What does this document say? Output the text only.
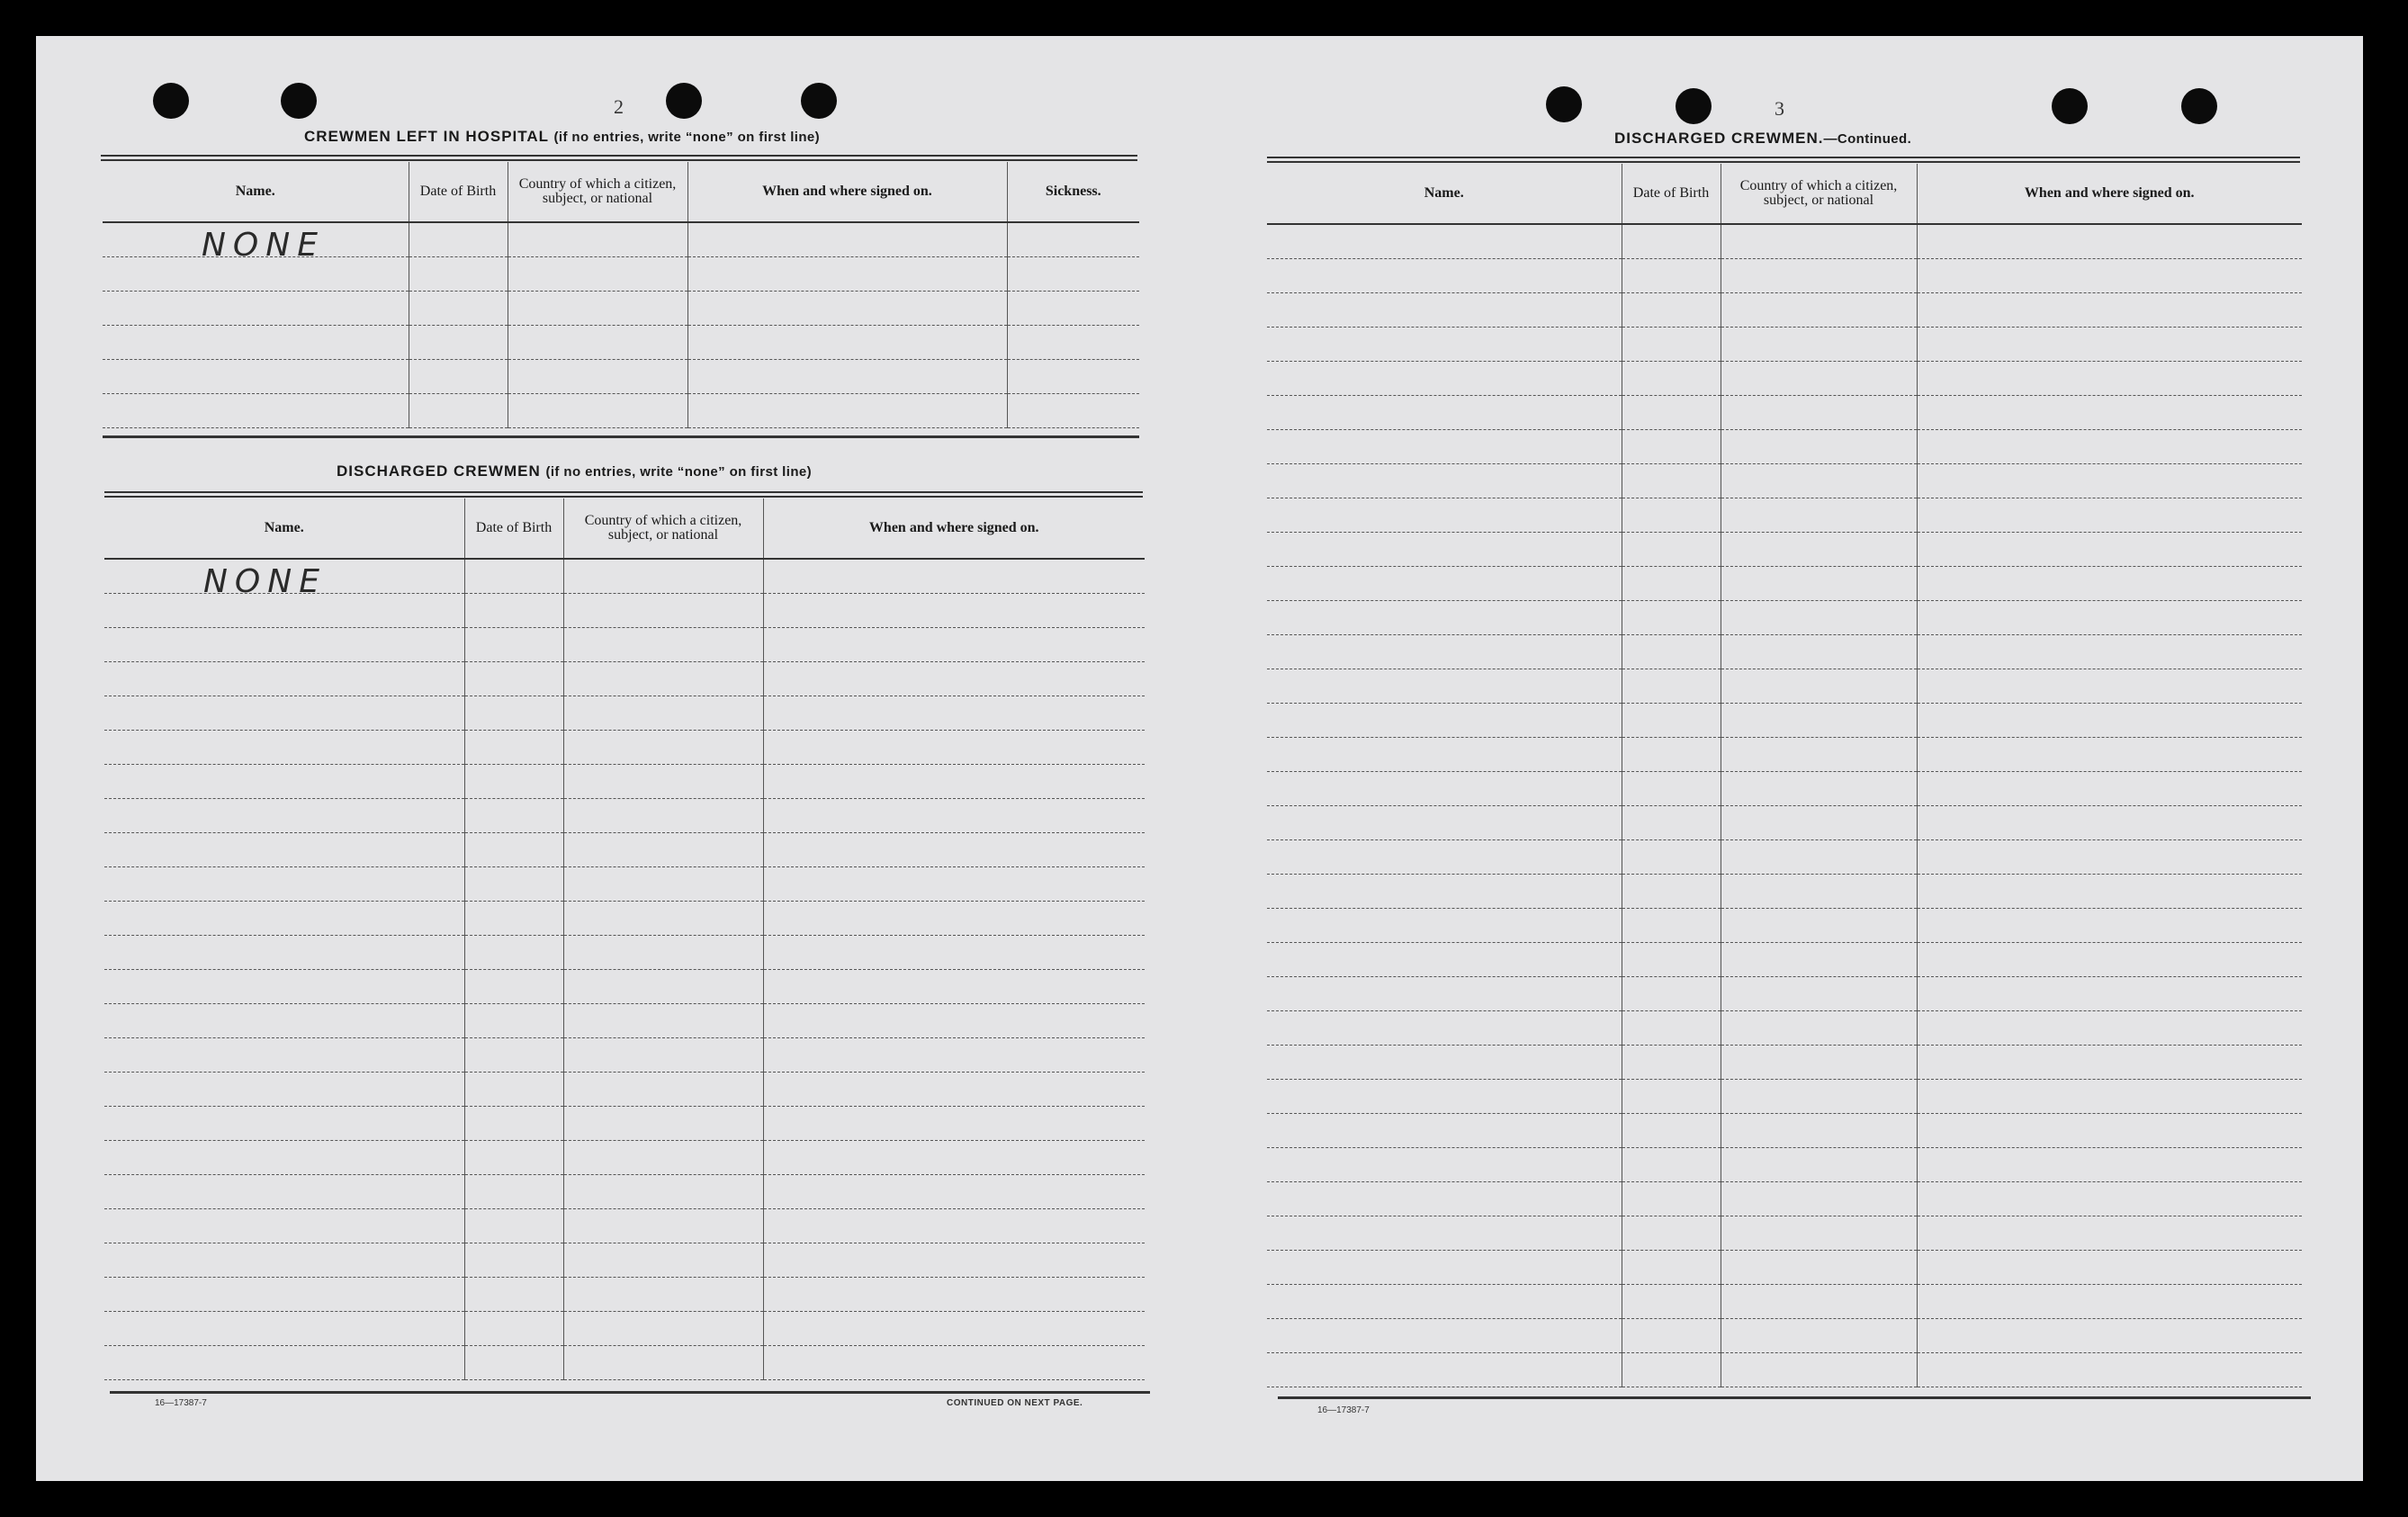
2
CREWMEN LEFT IN HOSPITAL (if no entries, write “none” on first line)
Name.	Date of Birth	Country of which a citizen, subject, or national	When and where signed on.	Sickness.

NONE				

DISCHARGED CREWMEN (if no entries, write “none” on first line)
Name.	Date of Birth	Country of which a citizen, subject, or national	When and where signed on.

NONE			

16—17387-7	CONTINUED ON NEXT PAGE.
3
DISCHARGED CREWMEN.—Continued.
Name.	Date of Birth	Country of which a citizen, subject, or national	When and where signed on.

16—17387-7
